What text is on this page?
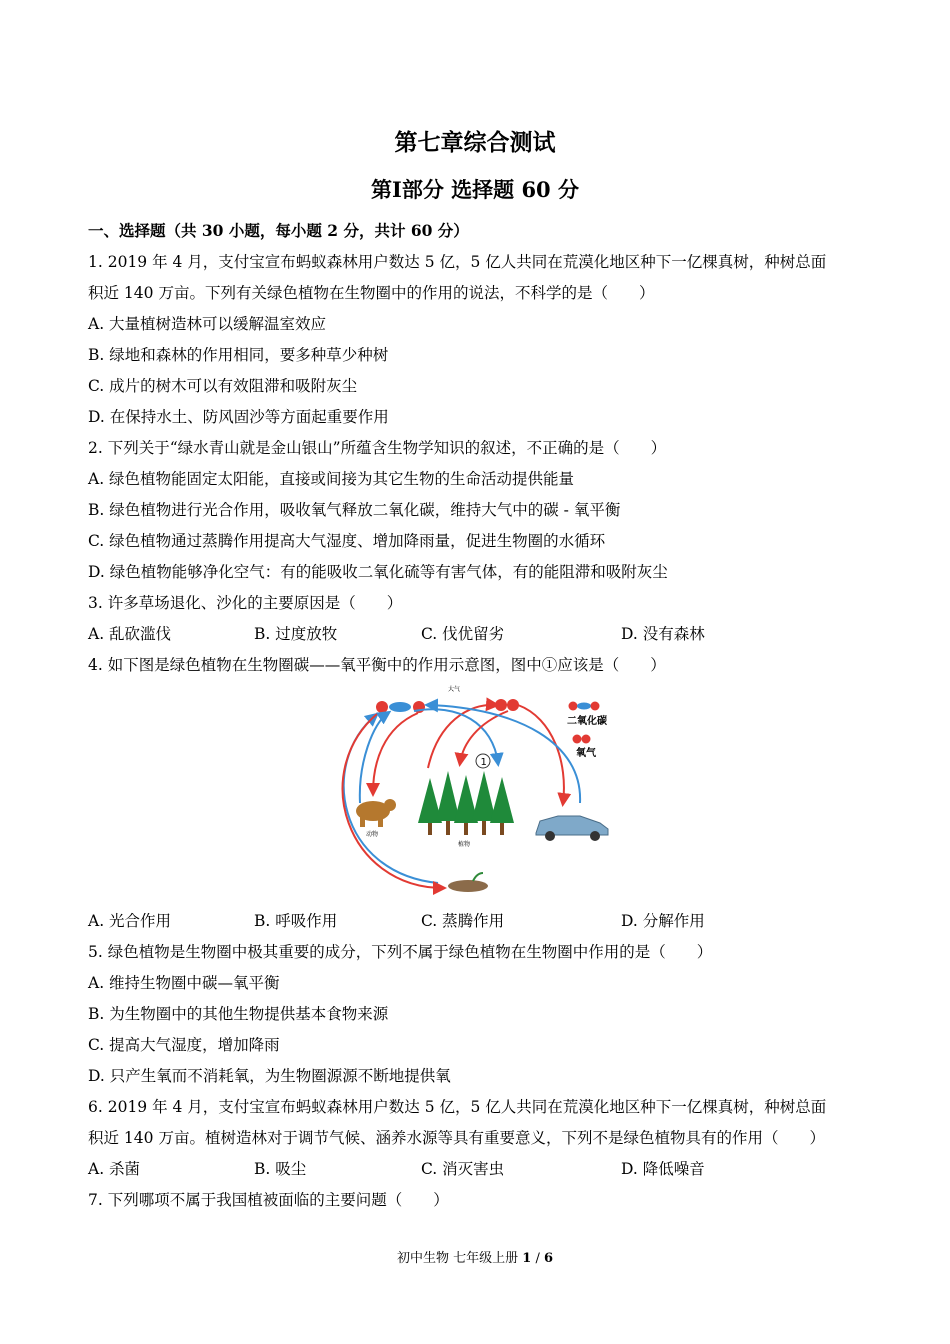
第七章综合测试
第Ⅰ部分 选择题 60 分
一、选择题（共 30 小题，每小题 2 分，共计 60 分）
1. 2019 年 4 月，支付宝宣布蚂蚁森林用户数达 5 亿，5 亿人共同在荒漠化地区种下一亿棵真树，种树总面
积近 140 万亩。下列有关绿色植物在生物圈中的作用的说法，不科学的是（　　）
A. 大量植树造林可以缓解温室效应
B. 绿地和森林的作用相同，要多种草少种树
C. 成片的树木可以有效阻滞和吸附灰尘
D. 在保持水土、防风固沙等方面起重要作用
2. 下列关于“绿水青山就是金山银山”所蕴含生物学知识的叙述，不正确的是（　　）
A. 绿色植物能固定太阳能，直接或间接为其它生物的生命活动提供能量
B. 绿色植物进行光合作用，吸收氧气释放二氧化碳，维持大气中的碳 - 氧平衡
C. 绿色植物通过蒸腾作用提高大气湿度、增加降雨量，促进生物圈的水循环
D. 绿色植物能够净化空气：有的能吸收二氧化硫等有害气体，有的能阻滞和吸附灰尘
3. 许多草场退化、沙化的主要原因是（　　）
A. 乱砍滥伐	B. 过度放牧	C. 伐优留劣	D. 没有森林
4. 如下图是绿色植物在生物圈碳——氧平衡中的作用示意图，图中①应该是（　　）
大气
二氧化碳
氧气
1
植物
动物
A. 光合作用	B. 呼吸作用	C. 蒸腾作用	D. 分解作用
5. 绿色植物是生物圈中极其重要的成分，下列不属于绿色植物在生物圈中作用的是（　　）
A. 维持生物圈中碳—氧平衡
B. 为生物圈中的其他生物提供基本食物来源
C. 提高大气湿度，增加降雨
D. 只产生氧而不消耗氧，为生物圈源源不断地提供氧
6. 2019 年 4 月，支付宝宣布蚂蚁森林用户数达 5 亿，5 亿人共同在荒漠化地区种下一亿棵真树，种树总面
积近 140 万亩。植树造林对于调节气候、涵养水源等具有重要意义，下列不是绿色植物具有的作用（　　）
A. 杀菌	B. 吸尘	C. 消灭害虫	D. 降低噪音
7. 下列哪项不属于我国植被面临的主要问题（　　）
初中生物 七年级上册 1 / 6
